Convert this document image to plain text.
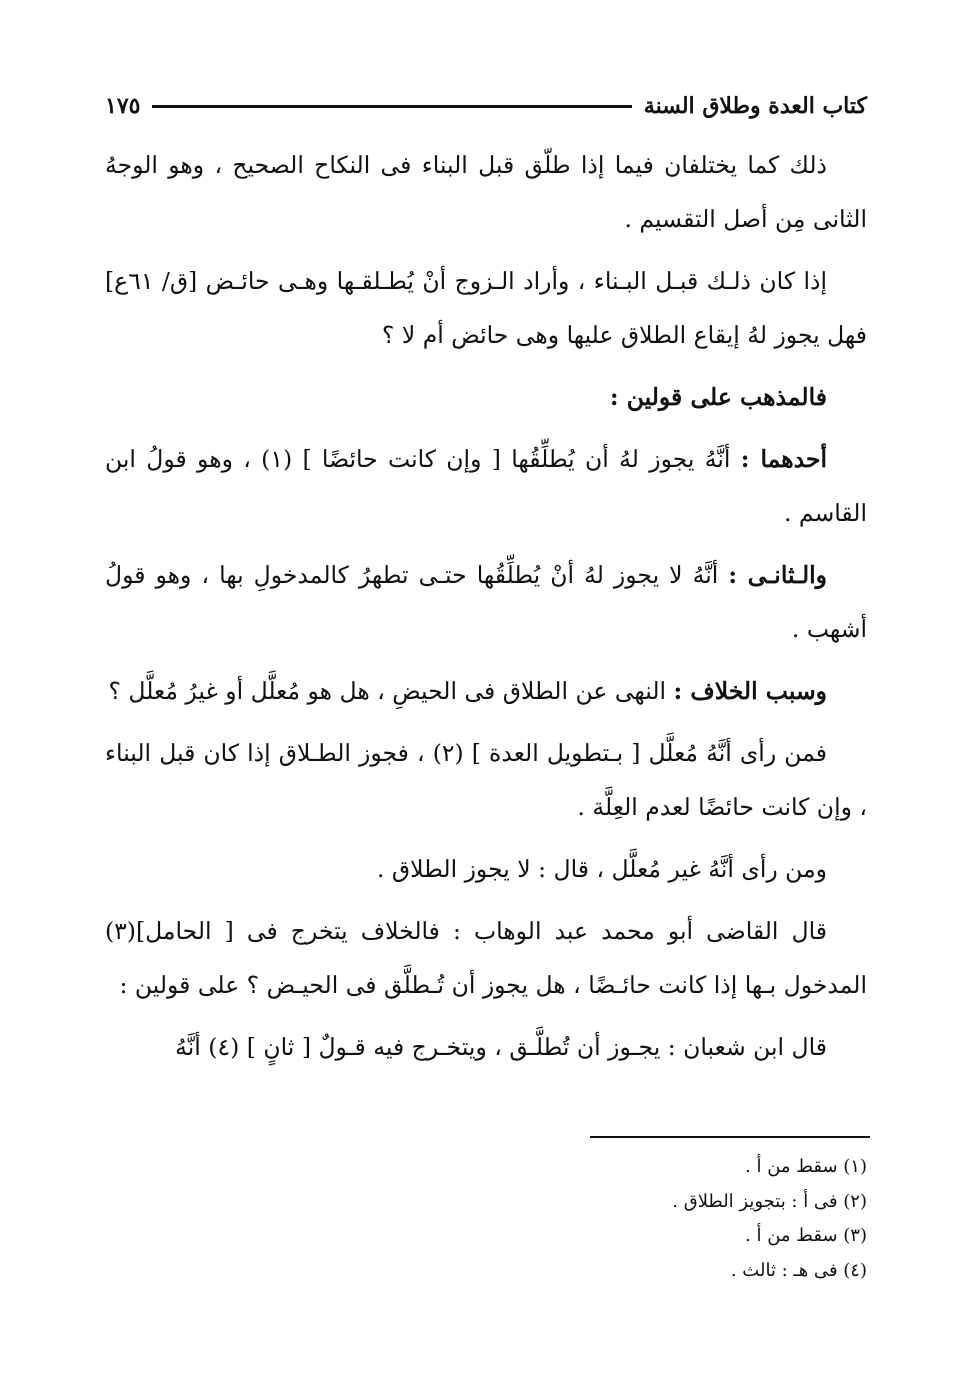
كتاب العدة وطلاق السنة
١٧٥

ذلك كما يختلفان فيما إذا طلّق قبل البناء فى النكاح الصحيح ، وهو الوجهُ الثانى مِن أصل التقسيم .

إذا كان ذلـك قبـل البـناء ، وأراد الـزوج أنْ يُطـلقـها وهـى حائـض [ق/ ٦١ع] فهل يجوز لهُ إيقاع الطلاق عليها وهى حائض أم لا ؟

فالمذهب على قولين :

أحدهما : أنَّهُ يجوز لهُ أن يُطلِّقُها [ وإن كانت حائضًا ] (١) ، وهو قولُ ابن القاسم .

والـثانـى : أنَّهُ لا يجوز لهُ أنْ يُطلِّقُها حتـى تطهرُ كالمدخولِ بها ، وهو قولُ أشهب .

وسبب الخلاف : النهى عن الطلاق فى الحيضِ ، هل هو مُعلَّل أو غيرُ مُعلَّل ؟

فمن رأى أنَّهُ مُعلَّل [ بـتطويل العدة ] (٢) ، فجوز الطـلاق إذا كان قبل البناء ، وإن كانت حائضًا لعدم العِلَّة .

ومن رأى أنَّهُ غير مُعلَّل ، قال : لا يجوز الطلاق .

قال القاضى أبو محمد عبد الوهاب : فالخلاف يتخرج فى [ الحامل](٣) المدخول بـها إذا كانت حائـضًا ، هل يجوز أن تُـطلَّق فى الحيـض ؟ على قولين :

قال ابن شعبان : يجـوز أن تُطلَّـق ، ويتخـرج فيه قـولٌ [ ثانٍ ] (٤) أنَّهُ

(١) سقط من أ .
(٢) فى أ : بتجويز الطلاق .
(٣) سقط من أ .
(٤) فى هـ : ثالث .
